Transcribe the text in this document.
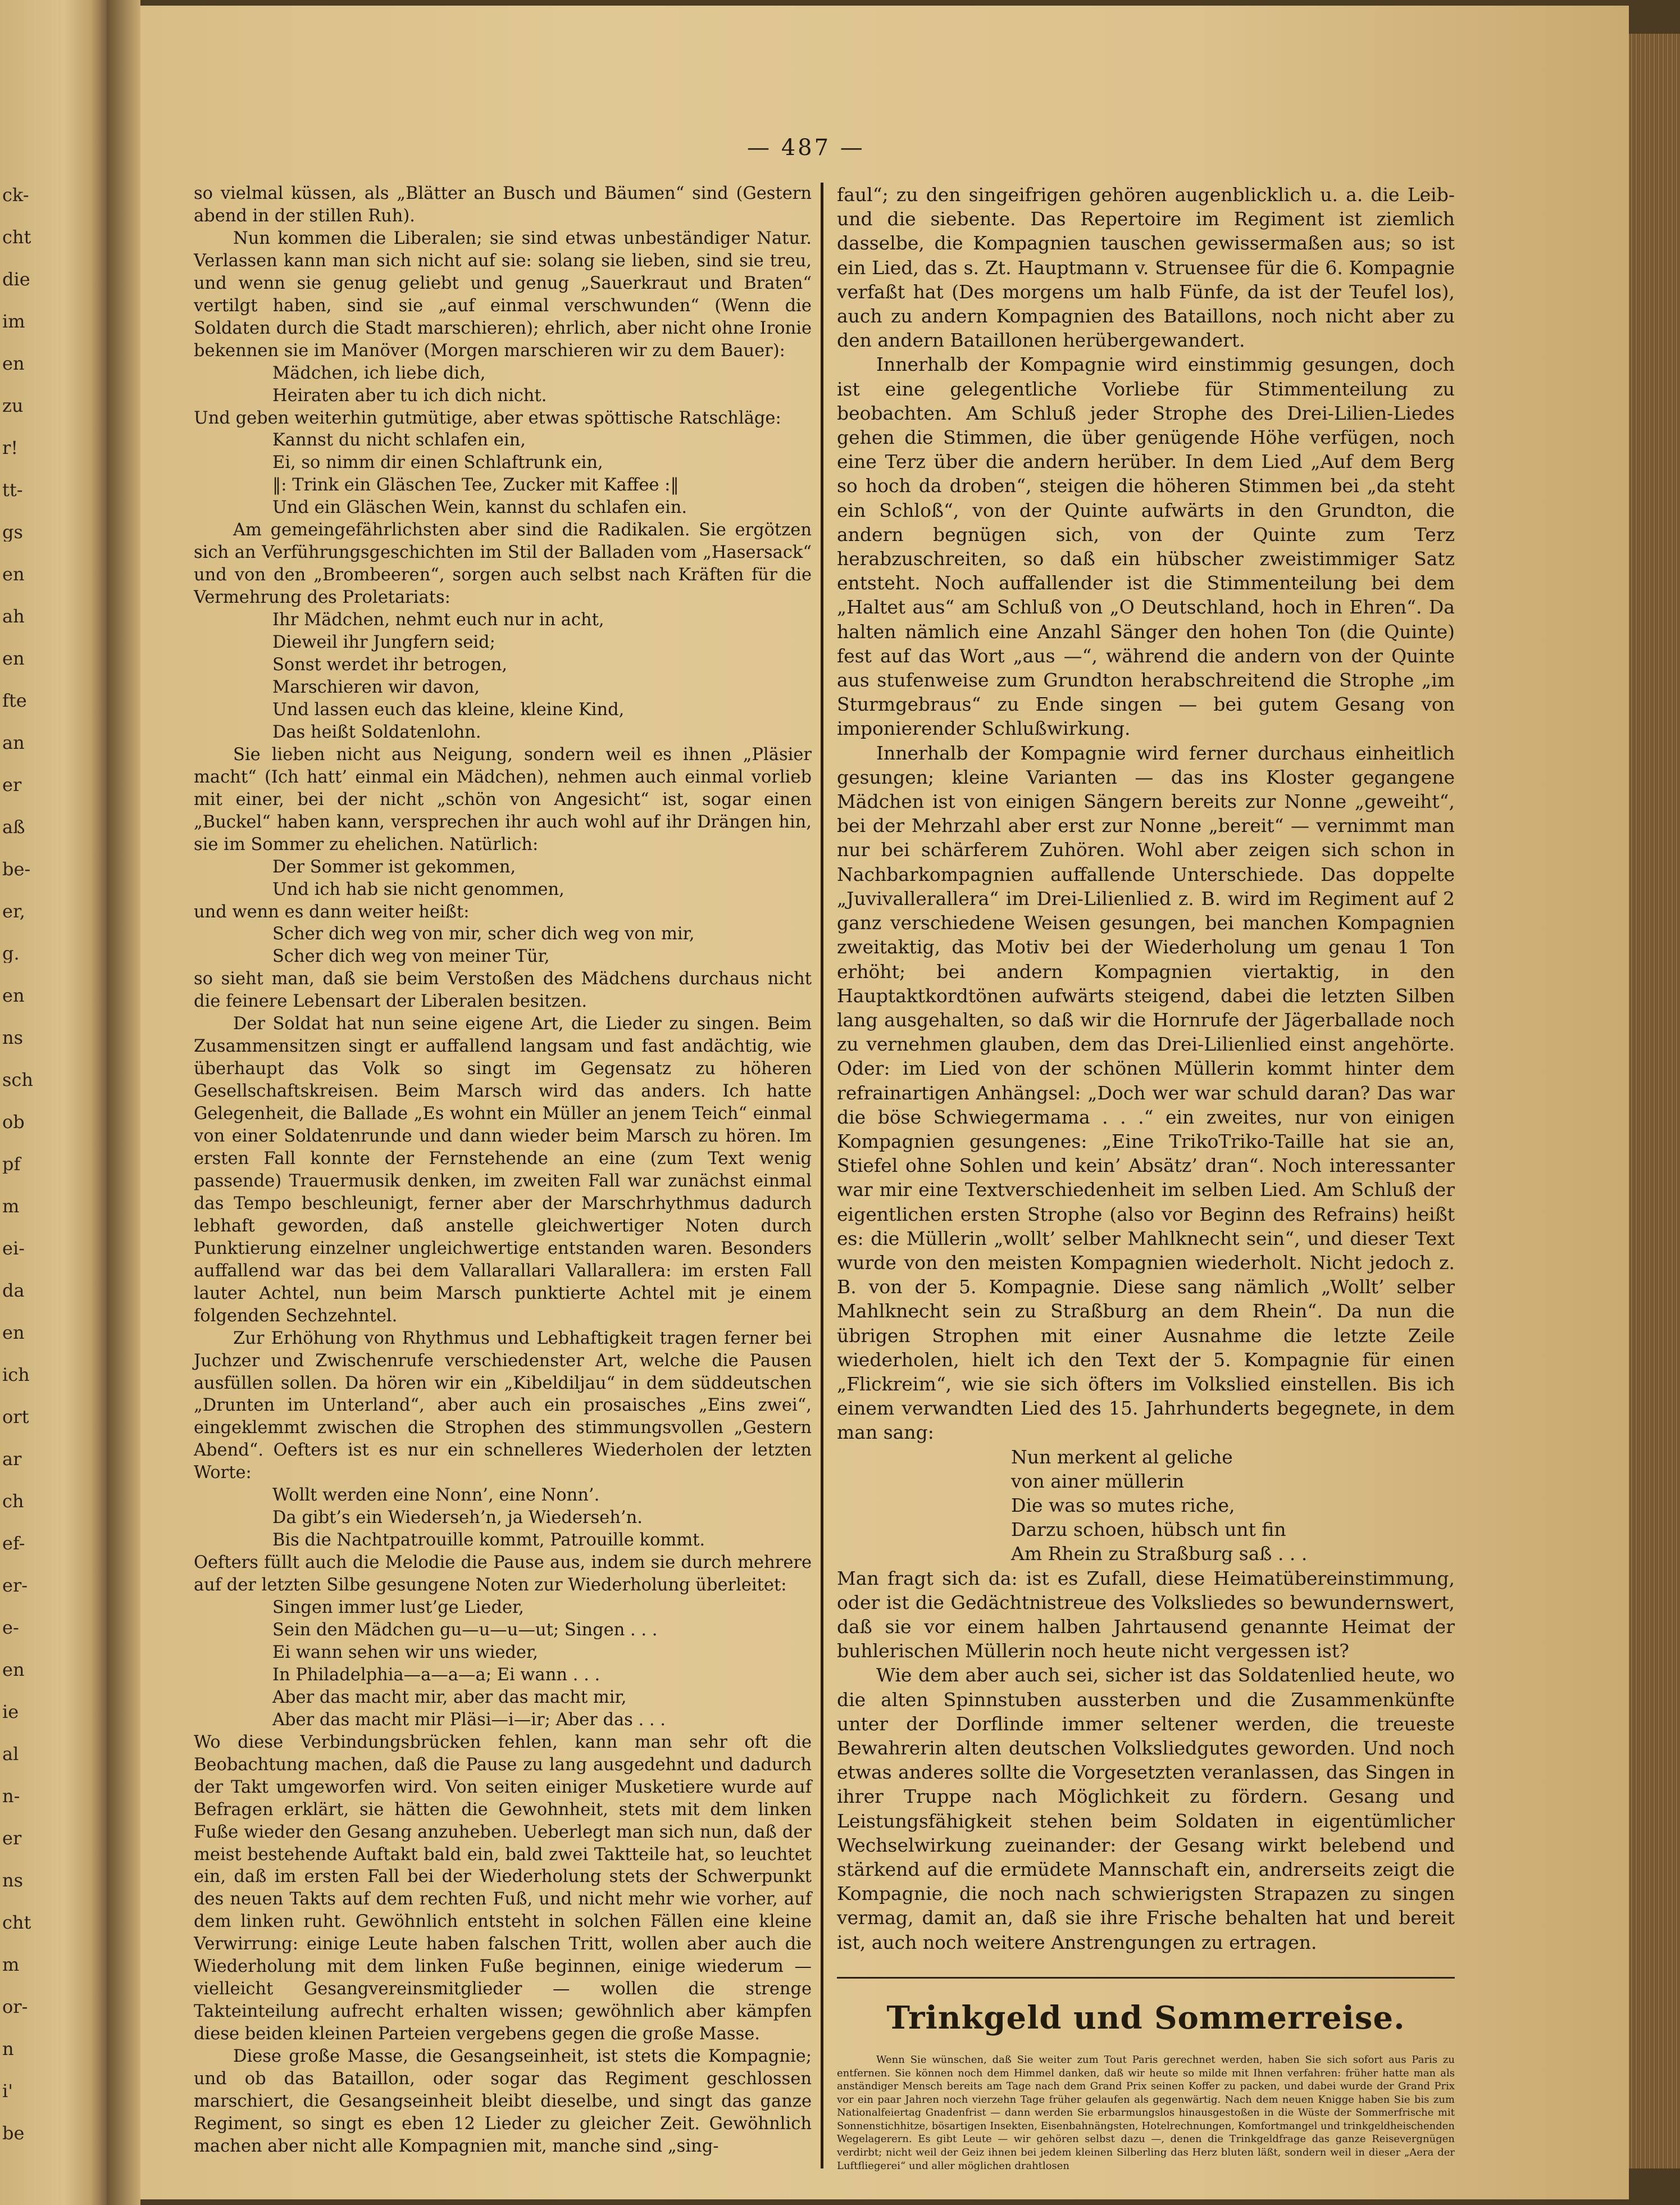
ck-
cht
die
im
en
zu
r!
tt-
gs
en
ah
en
fte
an
er
aß
be-
er,
g.
en
ns
sch
ob
pf
m
ei-
da
en
ich
ort
ar
ch
ef-
er-
e-
en
ie
al
n-
er
ns
cht
m
or-
n
i'
be
— 487 —

so vielmal küssen, als „Blätter an Busch und Bäumen“ sind (Gestern abend in der stillen Ruh).

Nun kommen die Liberalen; sie sind etwas unbeständiger Natur. Verlassen kann man sich nicht auf sie: solang sie lieben, sind sie treu, und wenn sie genug geliebt und genug „Sauerkraut und Braten“ vertilgt haben, sind sie „auf einmal verschwunden“ (Wenn die Soldaten durch die Stadt marschieren); ehrlich, aber nicht ohne Ironie bekennen sie im Manöver (Morgen marschieren wir zu dem Bauer):

Mädchen, ich liebe dich,

Heiraten aber tu ich dich nicht.

Und geben weiterhin gutmütige, aber etwas spöttische Ratschläge:

Kannst du nicht schlafen ein,

Ei, so nimm dir einen Schlaftrunk ein,

‖: Trink ein Gläschen Tee, Zucker mit Kaffee :‖

Und ein Gläschen Wein, kannst du schlafen ein.

Am gemeingefährlichsten aber sind die Radikalen. Sie ergötzen sich an Verführungsgeschichten im Stil der Balladen vom „Hasersack“ und von den „Brombeeren“, sorgen auch selbst nach Kräften für die Vermehrung des Proletariats:

Ihr Mädchen, nehmt euch nur in acht,

Dieweil ihr Jungfern seid;

Sonst werdet ihr betrogen,

Marschieren wir davon,

Und lassen euch das kleine, kleine Kind,

Das heißt Soldatenlohn.

Sie lieben nicht aus Neigung, sondern weil es ihnen „Pläsier macht“ (Ich hatt’ einmal ein Mädchen), nehmen auch einmal vorlieb mit einer, bei der nicht „schön von Angesicht“ ist, sogar einen „Buckel“ haben kann, versprechen ihr auch wohl auf ihr Drängen hin, sie im Sommer zu ehelichen. Natürlich:

Der Sommer ist gekommen,

Und ich hab sie nicht genommen,

und wenn es dann weiter heißt:

Scher dich weg von mir, scher dich weg von mir,

Scher dich weg von meiner Tür,

so sieht man, daß sie beim Verstoßen des Mädchens durchaus nicht die feinere Lebensart der Liberalen besitzen.

Der Soldat hat nun seine eigene Art, die Lieder zu singen. Beim Zusammensitzen singt er auffallend langsam und fast andächtig, wie überhaupt das Volk so singt im Gegensatz zu höheren Gesellschaftskreisen. Beim Marsch wird das anders. Ich hatte Gelegenheit, die Ballade „Es wohnt ein Müller an jenem Teich“ einmal von einer Soldatenrunde und dann wieder beim Marsch zu hören. Im ersten Fall konnte der Fernstehende an eine (zum Text wenig passende) Trauermusik denken, im zweiten Fall war zunächst einmal das Tempo beschleunigt, ferner aber der Marschrhythmus dadurch lebhaft geworden, daß anstelle gleichwertiger Noten durch Punktierung einzelner ungleichwertige entstanden waren. Besonders auffallend war das bei dem Vallarallari Vallarallera: im ersten Fall lauter Achtel, nun beim Marsch punktierte Achtel mit je einem folgenden Sechzehntel.

Zur Erhöhung von Rhythmus und Lebhaftigkeit tragen ferner bei Juchzer und Zwischenrufe verschiedenster Art, welche die Pausen ausfüllen sollen. Da hören wir ein „Kibeldiljau“ in dem süddeutschen „Drunten im Unterland“, aber auch ein prosaisches „Eins zwei“, eingeklemmt zwischen die Strophen des stimmungsvollen „Gestern Abend“. Oefters ist es nur ein schnelleres Wiederholen der letzten Worte:

Wollt werden eine Nonn’, eine Nonn’.

Da gibt’s ein Wiederseh’n, ja Wiederseh’n.

Bis die Nachtpatrouille kommt, Patrouille kommt.

Oefters füllt auch die Melodie die Pause aus, indem sie durch mehrere auf der letzten Silbe gesungene Noten zur Wiederholung überleitet:

Singen immer lust’ge Lieder,

Sein den Mädchen gu—u—u—ut; Singen . . .

Ei wann sehen wir uns wieder,

In Philadelphia—a—a—a; Ei wann . . .

Aber das macht mir, aber das macht mir,

Aber das macht mir Pläsi—i—ir; Aber das . . .

Wo diese Verbindungsbrücken fehlen, kann man sehr oft die Beobachtung machen, daß die Pause zu lang ausgedehnt und dadurch der Takt umgeworfen wird. Von seiten einiger Musketiere wurde auf Befragen erklärt, sie hätten die Gewohnheit, stets mit dem linken Fuße wieder den Gesang anzuheben. Ueberlegt man sich nun, daß der meist bestehende Auftakt bald ein, bald zwei Taktteile hat, so leuchtet ein, daß im ersten Fall bei der Wiederholung stets der Schwerpunkt des neuen Takts auf dem rechten Fuß, und nicht mehr wie vorher, auf dem linken ruht. Gewöhnlich entsteht in solchen Fällen eine kleine Verwirrung: einige Leute haben falschen Tritt, wollen aber auch die Wiederholung mit dem linken Fuße beginnen, einige wiederum — vielleicht Gesangvereinsmitglieder — wollen die strenge Takteinteilung aufrecht erhalten wissen; gewöhnlich aber kämpfen diese beiden kleinen Parteien vergebens gegen die große Masse.

Diese große Masse, die Gesangseinheit, ist stets die Kompagnie; und ob das Bataillon, oder sogar das Regiment geschlossen marschiert, die Gesangseinheit bleibt dieselbe, und singt das ganze Regiment, so singt es eben 12 Lieder zu gleicher Zeit. Gewöhnlich machen aber nicht alle Kompagnien mit, manche sind „sing-

faul“; zu den singeifrigen gehören augenblicklich u. a. die Leib- und die siebente. Das Repertoire im Regiment ist ziemlich dasselbe, die Kompagnien tauschen gewissermaßen aus; so ist ein Lied, das s. Zt. Hauptmann v. Struensee für die 6. Kompagnie verfaßt hat (Des morgens um halb Fünfe, da ist der Teufel los), auch zu andern Kompagnien des Bataillons, noch nicht aber zu den andern Bataillonen herübergewandert.

Innerhalb der Kompagnie wird einstimmig gesungen, doch ist eine gelegentliche Vorliebe für Stimmenteilung zu beobachten. Am Schluß jeder Strophe des Drei-Lilien-Liedes gehen die Stimmen, die über genügende Höhe verfügen, noch eine Terz über die andern herüber. In dem Lied „Auf dem Berg so hoch da droben“, steigen die höheren Stimmen bei „da steht ein Schloß“, von der Quinte aufwärts in den Grundton, die andern begnügen sich, von der Quinte zum Terz herabzuschreiten, so daß ein hübscher zweistimmiger Satz entsteht. Noch auffallender ist die Stimmenteilung bei dem „Haltet aus“ am Schluß von „O Deutschland, hoch in Ehren“. Da halten nämlich eine Anzahl Sänger den hohen Ton (die Quinte) fest auf das Wort „aus —“, während die andern von der Quinte aus stufenweise zum Grundton herabschreitend die Strophe „im Sturmgebraus“ zu Ende singen — bei gutem Gesang von imponierender Schlußwirkung.

Innerhalb der Kompagnie wird ferner durchaus einheitlich gesungen; kleine Varianten — das ins Kloster gegangene Mädchen ist von einigen Sängern bereits zur Nonne „geweiht“, bei der Mehrzahl aber erst zur Nonne „bereit“ — vernimmt man nur bei schärferem Zuhören. Wohl aber zeigen sich schon in Nachbarkompagnien auffallende Unterschiede. Das doppelte „Juvivallerallera“ im Drei-Lilienlied z. B. wird im Regiment auf 2 ganz verschiedene Weisen gesungen, bei manchen Kompagnien zweitaktig, das Motiv bei der Wiederholung um genau 1 Ton erhöht; bei andern Kompagnien viertaktig, in den Hauptaktkordtönen aufwärts steigend, dabei die letzten Silben lang ausgehalten, so daß wir die Hornrufe der Jägerballade noch zu vernehmen glauben, dem das Drei-Lilienlied einst angehörte. Oder: im Lied von der schönen Müllerin kommt hinter dem refrainartigen Anhängsel: „Doch wer war schuld daran? Das war die böse Schwiegermama . . .“ ein zweites, nur von einigen Kompagnien gesungenes: „Eine TrikoTriko-Taille hat sie an, Stiefel ohne Sohlen und kein’ Absätz’ dran“. Noch interessanter war mir eine Textverschiedenheit im selben Lied. Am Schluß der eigentlichen ersten Strophe (also vor Beginn des Refrains) heißt es: die Müllerin „wollt’ selber Mahlknecht sein“, und dieser Text wurde von den meisten Kompagnien wiederholt. Nicht jedoch z. B. von der 5. Kompagnie. Diese sang nämlich „Wollt’ selber Mahlknecht sein zu Straßburg an dem Rhein“. Da nun die übrigen Strophen mit einer Ausnahme die letzte Zeile wiederholen, hielt ich den Text der 5. Kompagnie für einen „Flickreim“, wie sie sich öfters im Volkslied einstellen. Bis ich einem verwandten Lied des 15. Jahrhunderts begegnete, in dem man sang:

Nun merkent al geliche

von ainer müllerin

Die was so mutes riche,

Darzu schoen, hübsch unt fin

Am Rhein zu Straßburg saß . . .

Man fragt sich da: ist es Zufall, diese Heimatübereinstimmung, oder ist die Gedächtnistreue des Volksliedes so bewundernswert, daß sie vor einem halben Jahrtausend genannte Heimat der buhlerischen Müllerin noch heute nicht vergessen ist?

Wie dem aber auch sei, sicher ist das Soldatenlied heute, wo die alten Spinnstuben aussterben und die Zusammenkünfte unter der Dorflinde immer seltener werden, die treueste Bewahrerin alten deutschen Volksliedgutes geworden. Und noch etwas anderes sollte die Vorgesetzten veranlassen, das Singen in ihrer Truppe nach Möglichkeit zu fördern. Gesang und Leistungsfähigkeit stehen beim Soldaten in eigentümlicher Wechselwirkung zueinander: der Gesang wirkt belebend und stärkend auf die ermüdete Mannschaft ein, andrerseits zeigt die Kompagnie, die noch nach schwierigsten Strapazen zu singen vermag, damit an, daß sie ihre Frische behalten hat und bereit ist, auch noch weitere Anstrengungen zu ertragen.

Trinkgeld und Sommerreise.

Wenn Sie wünschen, daß Sie weiter zum Tout Paris gerechnet werden, haben Sie sich sofort aus Paris zu entfernen. Sie können noch dem Himmel danken, daß wir heute so milde mit Ihnen verfahren: früher hatte man als anständiger Mensch bereits am Tage nach dem Grand Prix seinen Koffer zu packen, und dabei wurde der Grand Prix vor ein paar Jahren noch vierzehn Tage früher gelaufen als gegenwärtig. Nach dem neuen Knigge haben Sie bis zum Nationalfeiertag Gnadenfrist — dann werden Sie erbarmungslos hinausgestoßen in die Wüste der Sommerfrische mit Sonnenstichhitze, bösartigen Insekten, Eisenbahnängsten, Hotelrechnungen, Komfortmangel und trinkgeldheischenden Wegelagerern. Es gibt Leute — wir gehören selbst dazu —, denen die Trinkgeldfrage das ganze Reisevergnügen verdirbt; nicht weil der Geiz ihnen bei jedem kleinen Silberling das Herz bluten läßt, sondern weil in dieser „Aera der Luftfliegerei“ und aller möglichen drahtlosen
